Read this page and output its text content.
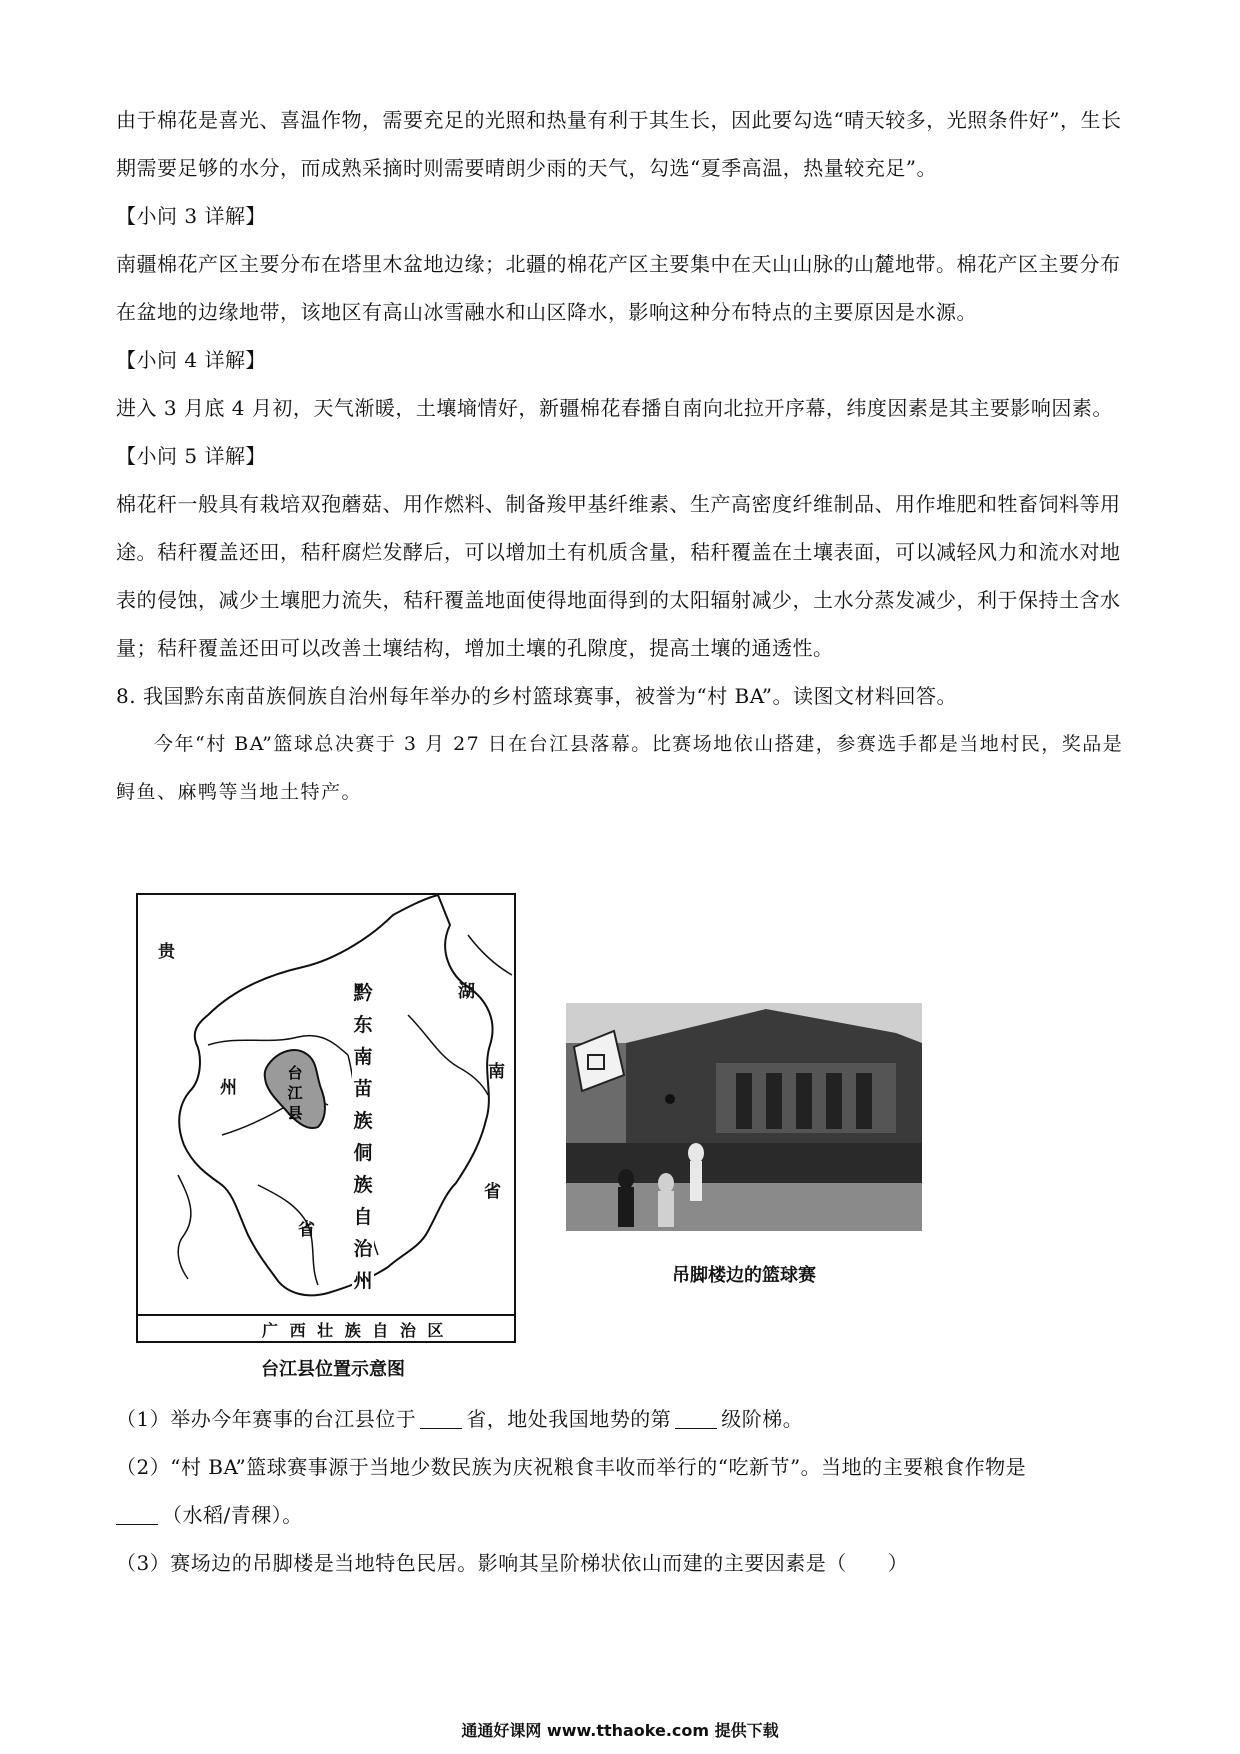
由于棉花是喜光、喜温作物，需要充足的光照和热量有利于其生长，因此要勾选“晴天较多，光照条件好”，生长期需要足够的水分，而成熟采摘时则需要晴朗少雨的天气，勾选“夏季高温，热量较充足”。

【小问 3 详解】

南疆棉花产区主要分布在塔里木盆地边缘；北疆的棉花产区主要集中在天山山脉的山麓地带。棉花产区主要分布在盆地的边缘地带，该地区有高山冰雪融水和山区降水，影响这种分布特点的主要原因是水源。

【小问 4 详解】

进入 3 月底 4 月初，天气渐暖，土壤墒情好，新疆棉花春播自南向北拉开序幕，纬度因素是其主要影响因素。

【小问 5 详解】

棉花秆一般具有栽培双孢蘑菇、用作燃料、制备羧甲基纤维素、生产高密度纤维制品、用作堆肥和牲畜饲料等用途。秸秆覆盖还田，秸秆腐烂发酵后，可以增加土有机质含量，秸秆覆盖在土壤表面，可以减轻风力和流水对地表的侵蚀，减少土壤肥力流失，秸秆覆盖地面使得地面得到的太阳辐射减少，土水分蒸发减少，利于保持土含水量；秸秆覆盖还田可以改善土壤结构，增加土壤的孔隙度，提高土壤的通透性。

8. 我国黔东南苗族侗族自治州每年举办的乡村篮球赛事，被誉为“村 BA”。读图文材料回答。

今年“村 BA”篮球总决赛于 3 月 27 日在台江县落幕。比赛场地依山搭建，参赛选手都是当地村民，奖品是鲟鱼、麻鸭等当地土特产。

贵
州
省
湖
南
省
黔东南苗族侗族自治州
台江县
广 西 壮 族 自 治 区
台江县位置示意图
吊脚楼边的篮球赛

（1）举办今年赛事的台江县位于	省，地处我国地势的第	级阶梯。

（2）“村 BA”篮球赛事源于当地少数民族为庆祝粮食丰收而举行的“吃新节”。当地的主要粮食作物是

（水稻/青稞）。

（3）赛场边的吊脚楼是当地特色民居。影响其呈阶梯状依山而建的主要因素是（　　）

通通好课网 www.tthaoke.com 提供下载
